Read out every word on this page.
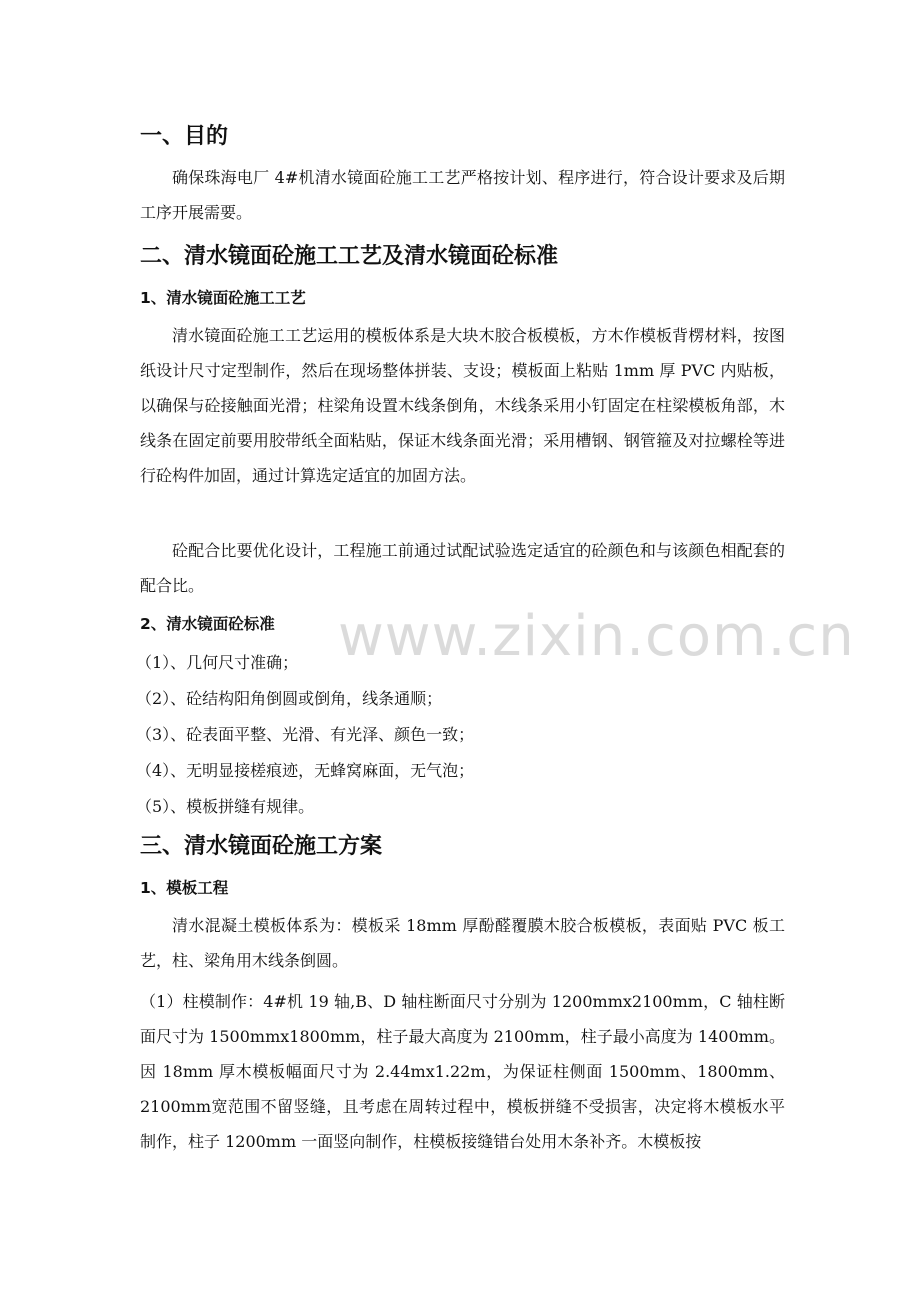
一、目的

确保珠海电厂 4#机清水镜面砼施工工艺严格按计划、程序进行，符合设计要求及后期工序开展需要。

二、清水镜面砼施工工艺及清水镜面砼标准
1、清水镜面砼施工工艺

清水镜面砼施工工艺运用的模板体系是大块木胶合板模板，方木作模板背楞材料，按图纸设计尺寸定型制作，然后在现场整体拼装、支设；模板面上粘贴 1mm 厚 PVC 内贴板，以确保与砼接触面光滑；柱梁角设置木线条倒角，木线条采用小钉固定在柱梁模板角部，木线条在固定前要用胶带纸全面粘贴，保证木线条面光滑；采用槽钢、钢管箍及对拉螺栓等进行砼构件加固，通过计算选定适宜的加固方法。

砼配合比要优化设计，工程施工前通过试配试验选定适宜的砼颜色和与该颜色相配套的配合比。

2、清水镜面砼标准

（1）、几何尺寸准确；

（2）、砼结构阳角倒圆或倒角，线条通顺；

（3）、砼表面平整、光滑、有光泽、颜色一致；

（4）、无明显接槎痕迹，无蜂窝麻面，无气泡；

（5）、模板拼缝有规律。

三、清水镜面砼施工方案
1、模板工程

清水混凝土模板体系为：模板采 18mm 厚酚醛覆膜木胶合板模板，表面贴 PVC 板工艺，柱、梁角用木线条倒圆。

（1）柱模制作：4#机 19 轴,B、D 轴柱断面尺寸分别为 1200mmx2100mm，C 轴柱断面尺寸为 1500mmx1800mm，柱子最大高度为 2100mm，柱子最小高度为 1400mm。因 18mm 厚木模板幅面尺寸为 2.44mx1.22m，为保证柱侧面 1500mm、1800mm、2100mm宽范围不留竖缝，且考虑在周转过程中，模板拼缝不受损害，决定将木模板水平制作，柱子 1200mm 一面竖向制作，柱模板接缝错台处用木条补齐。木模板按

www.zixin.com.cn
